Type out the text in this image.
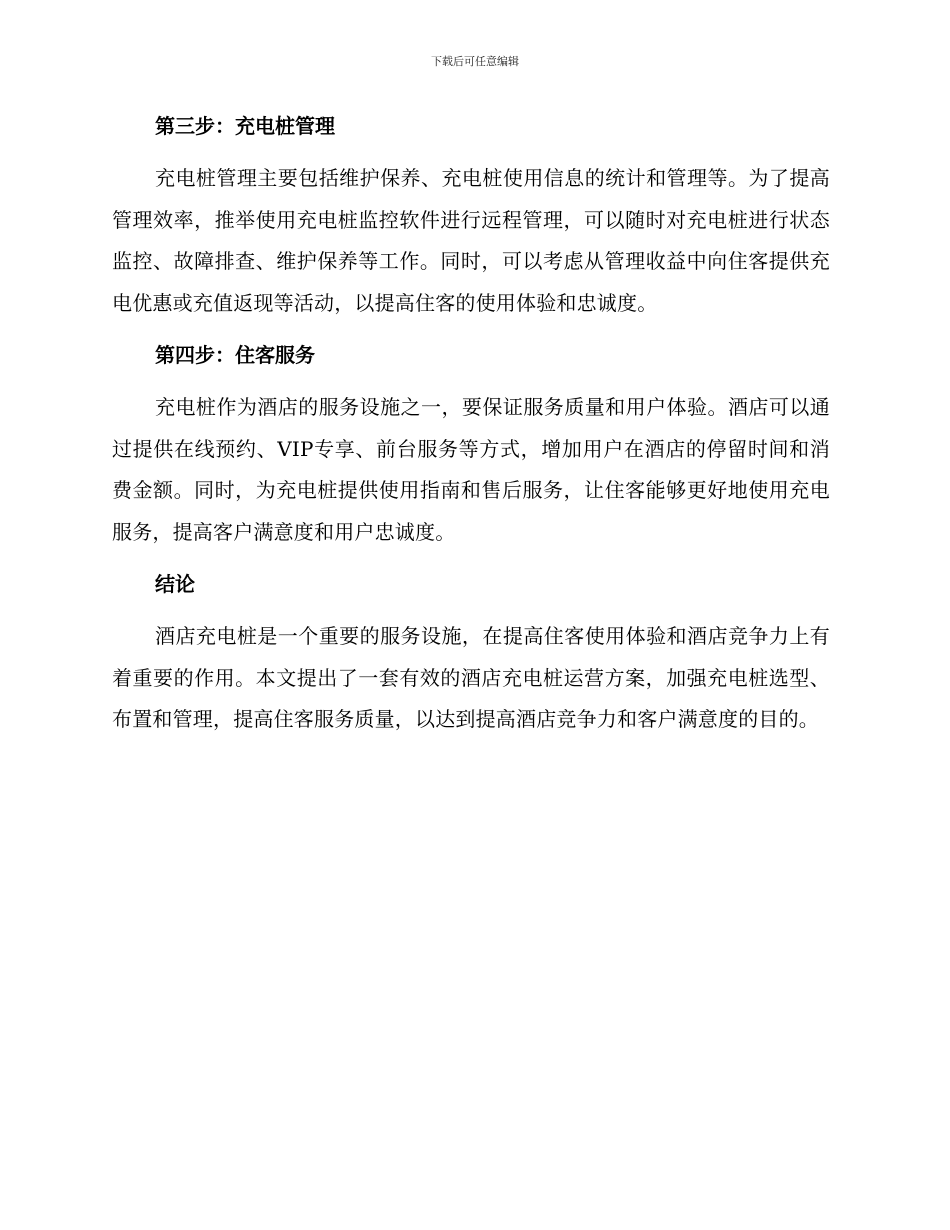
下载后可任意编辑
第三步：充电桩管理

充电桩管理主要包括维护保养、充电桩使用信息的统计和管理等。为了提高管理效率，推举使用充电桩监控软件进行远程管理，可以随时对充电桩进行状态监控、故障排查、维护保养等工作。同时，可以考虑从管理收益中向住客提供充电优惠或充值返现等活动，以提高住客的使用体验和忠诚度。

第四步：住客服务

充电桩作为酒店的服务设施之一，要保证服务质量和用户体验。酒店可以通过提供在线预约、VIP专享、前台服务等方式，增加用户在酒店的停留时间和消费金额。同时，为充电桩提供使用指南和售后服务，让住客能够更好地使用充电服务，提高客户满意度和用户忠诚度。

结论

酒店充电桩是一个重要的服务设施，在提高住客使用体验和酒店竞争力上有着重要的作用。本文提出了一套有效的酒店充电桩运营方案，加强充电桩选型、布置和管理，提高住客服务质量，以达到提高酒店竞争力和客户满意度的目的。
